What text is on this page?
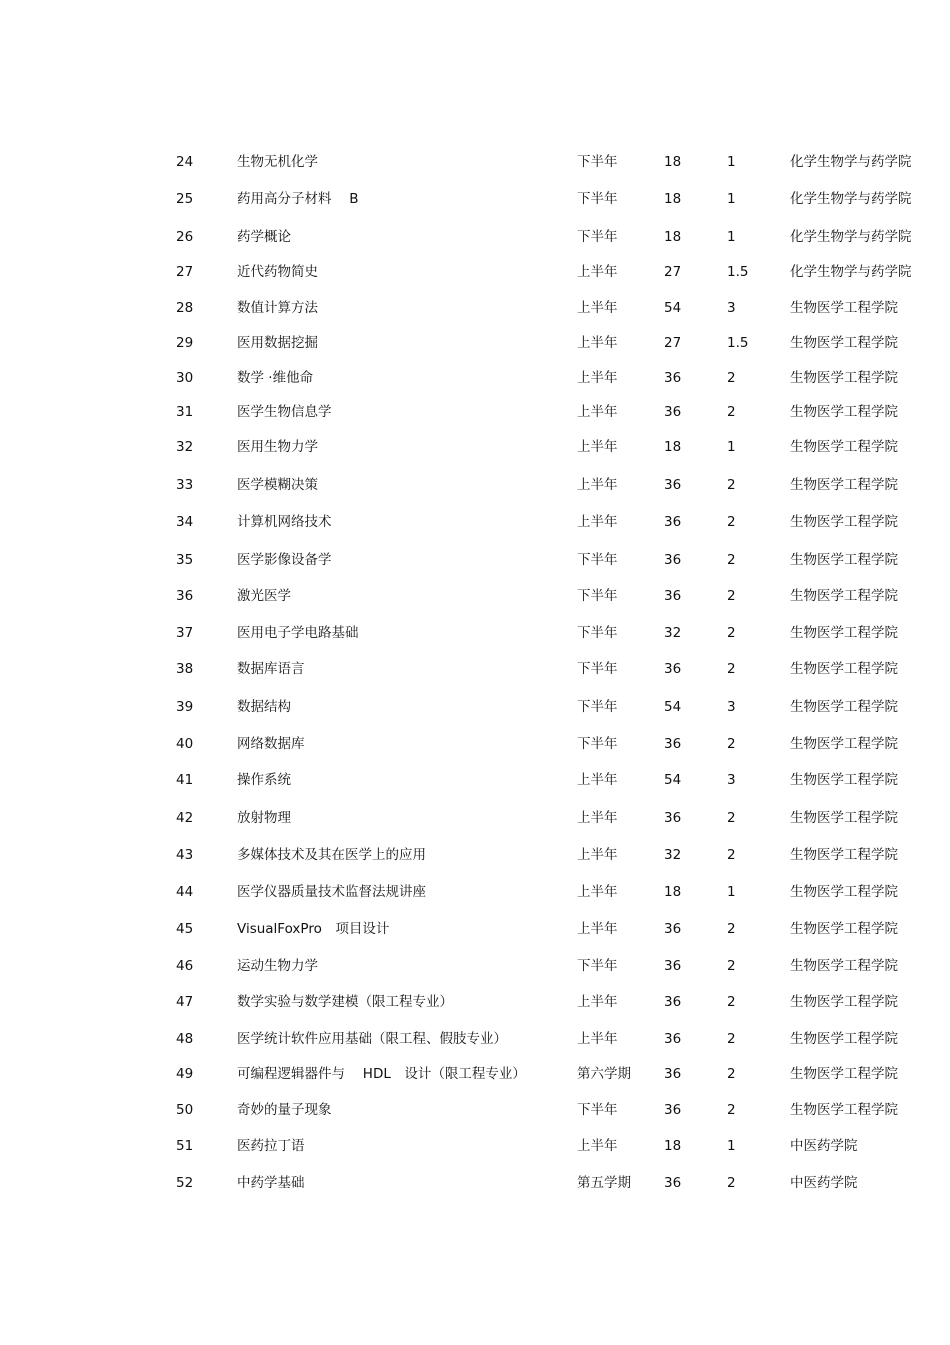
24	生物无机化学	下半年	18	1	化学生物学与药学院
25	药用高分子材料　 B	下半年	18	1	化学生物学与药学院
26	药学概论	下半年	18	1	化学生物学与药学院
27	近代药物简史	上半年	27	1.5	化学生物学与药学院
28	数值计算方法	上半年	54	3	生物医学工程学院
29	医用数据挖掘	上半年	27	1.5	生物医学工程学院
30	数学 ·维他命	上半年	36	2	生物医学工程学院
31	医学生物信息学	上半年	36	2	生物医学工程学院
32	医用生物力学	上半年	18	1	生物医学工程学院
33	医学模糊决策	上半年	36	2	生物医学工程学院
34	计算机网络技术	上半年	36	2	生物医学工程学院
35	医学影像设备学	下半年	36	2	生物医学工程学院
36	激光医学	下半年	36	2	生物医学工程学院
37	医用电子学电路基础	下半年	32	2	生物医学工程学院
38	数据库语言	下半年	36	2	生物医学工程学院
39	数据结构	下半年	54	3	生物医学工程学院
40	网络数据库	下半年	36	2	生物医学工程学院
41	操作系统	上半年	54	3	生物医学工程学院
42	放射物理	上半年	36	2	生物医学工程学院
43	多媒体技术及其在医学上的应用	上半年	32	2	生物医学工程学院
44	医学仪器质量技术监督法规讲座	上半年	18	1	生物医学工程学院
45	VisualFoxPro　项目设计	上半年	36	2	生物医学工程学院
46	运动生物力学	下半年	36	2	生物医学工程学院
47	数学实验与数学建模（限工程专业）	上半年	36	2	生物医学工程学院
48	医学统计软件应用基础（限工程、假肢专业）	上半年	36	2	生物医学工程学院
49	可编程逻辑器件与　 HDL　设计（限工程专业）	第六学期 36	2	生物医学工程学院
50	奇妙的量子现象	下半年	36	2	生物医学工程学院
51	医药拉丁语	上半年	18	1	中医药学院
52	中药学基础	第五学期 36	2	中医药学院
